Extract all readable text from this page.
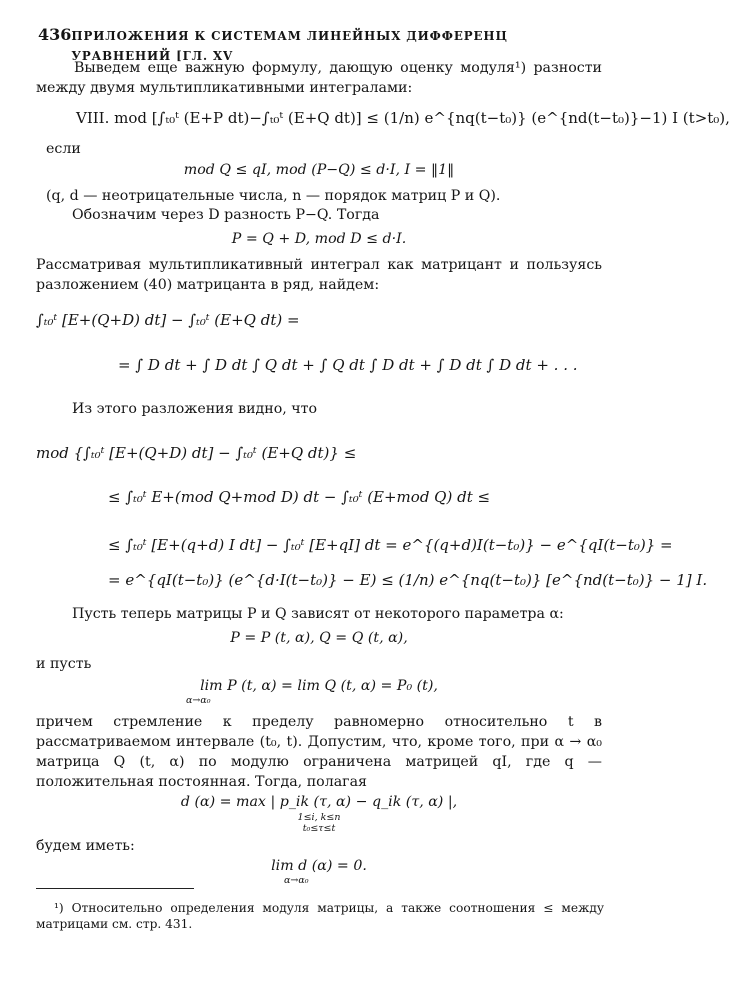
436 ПРИЛОЖЕНИЯ К СИСТЕМАМ ЛИНЕЙНЫХ ДИФФЕРЕНЦ УРАВНЕНИЙ [ГЛ. XV

Выведем еще важную формулу, дающую оценку модуля¹) разности между двумя мультипликативными интегралами:

VIII. mod [∫ₜ₀ᵗ (E+P dt)−∫ₜ₀ᵗ (E+Q dt)] ≤ (1/n) e^{nq(t−t₀)} (e^{nd(t−t₀)}−1) I (t>t₀),
если
mod Q ≤ qI, mod (P−Q) ≤ d·I, I = ‖1‖
(q, d — неотрицательные числа, n — порядок матриц P и Q).
Обозначим через D разность P−Q. Тогда
P = Q + D, mod D ≤ d·I.

Рассматривая мультипликативный интеграл как матрицант и пользуясь разложением (40) матрицанта в ряд, найдем:

∫ₜ₀ᵗ [E+(Q+D) dt] − ∫ₜ₀ᵗ (E+Q dt) =
= ∫ D dt + ∫ D dt ∫ Q dt + ∫ Q dt ∫ D dt + ∫ D dt ∫ D dt + . . .
Из этого разложения видно, что
mod {∫ₜ₀ᵗ [E+(Q+D) dt] − ∫ₜ₀ᵗ (E+Q dt)} ≤
≤ ∫ₜ₀ᵗ E+(mod Q+mod D) dt − ∫ₜ₀ᵗ (E+mod Q) dt ≤
≤ ∫ₜ₀ᵗ [E+(q+d) I dt] − ∫ₜ₀ᵗ [E+qI] dt = e^{(q+d)I(t−t₀)} − e^{qI(t−t₀)} =
= e^{qI(t−t₀)} (e^{d·I(t−t₀)} − E) ≤ (1/n) e^{nq(t−t₀)} [e^{nd(t−t₀)} − 1] I.
Пусть теперь матрицы P и Q зависят от некоторого параметра α:
P = P (t, α), Q = Q (t, α),
и пусть
lim P (t, α) = lim Q (t, α) = P₀ (t),
α→α₀

причем стремление к пределу равномерно относительно t в рассматриваемом интервале (t₀, t). Допустим, что, кроме того, при α → α₀ матрица Q (t, α) по модулю ограничена матрицей qI, где q — положительная постоянная. Тогда, полагая

d (α) = max | p_ik (τ, α) − q_ik (τ, α) |,
1≤i, k≤n
t₀≤τ≤t
будем иметь:
lim d (α) = 0.
α→α₀
¹) Относительно определения модуля матрицы, а также соотношения ≤ между матрицами см. стр. 431.
